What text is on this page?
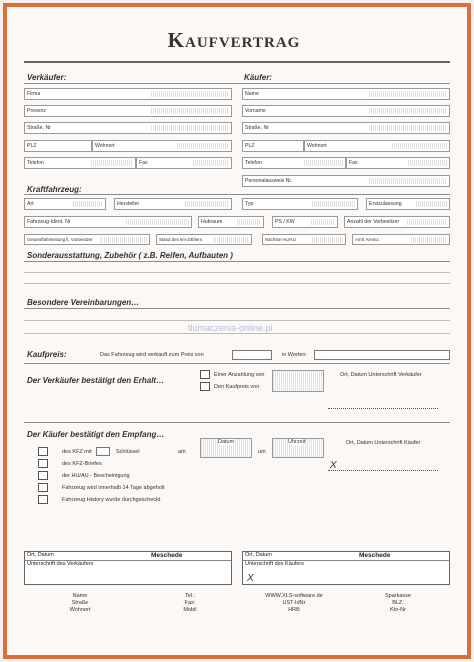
Kaufvertrag
Verkäufer:	Käufer:
Firma
Presenz
Straße, Nr
PLZ	Wohnort
Telefon	Fax
Name
Vorname
Straße, Nr
PLZ	Wohnort
Telefon	Fax
Personalausweis Nr.
Kraftfahrzeug:
Art	Hersteller	Typ	Erstzulassung
Fahrzeug-Ident. Nr	Hubraum	PS / KW	Anzahl der Vorbesitzer
Gesamtfahrleistung lt. Vorbesitzer	Stand des km-Zählers	Nächste HU/AU	Amtl. Kennz.
Sonderausstattung, Zubehör ( z.B. Reifen, Aufbauten )
Besondere Vereinbarungen…
tlumaczenia-online.pl
Kaufpreis:	Das Fahrzeug wird verkauft zum Preis von	in Worten:
Der Verkäufer bestätigt den Erhalt…
Einer Anzahlung von
Den Kaufpreis von
Ort, Datum Unterschrift Verkäufer
Der Käufer bestätigt den Empfang…
Datum	Uhrzeit	Ort, Datum Unterschrift Käufer
des KFZ mit	Schlüssel	am	um
des KFZ-Briefes
der HU/AU - Bescheinigung
Fahrzeug wird innerhalb 14 Tage abgeholt
Fahrzeug History wurde durchgescheckt
X
Ort, Datum	Meschede
Unterschrift des Verkäufers
Ort, Datum	Meschede
Unterschrift des Käufers
X
Name
Straße
Wohnort
Tel.:
Fax:
Mobil
WWW.XLS-software.de
UST-IdNr
HRB
Sparkasse
BLZ:
Kto-Nr
